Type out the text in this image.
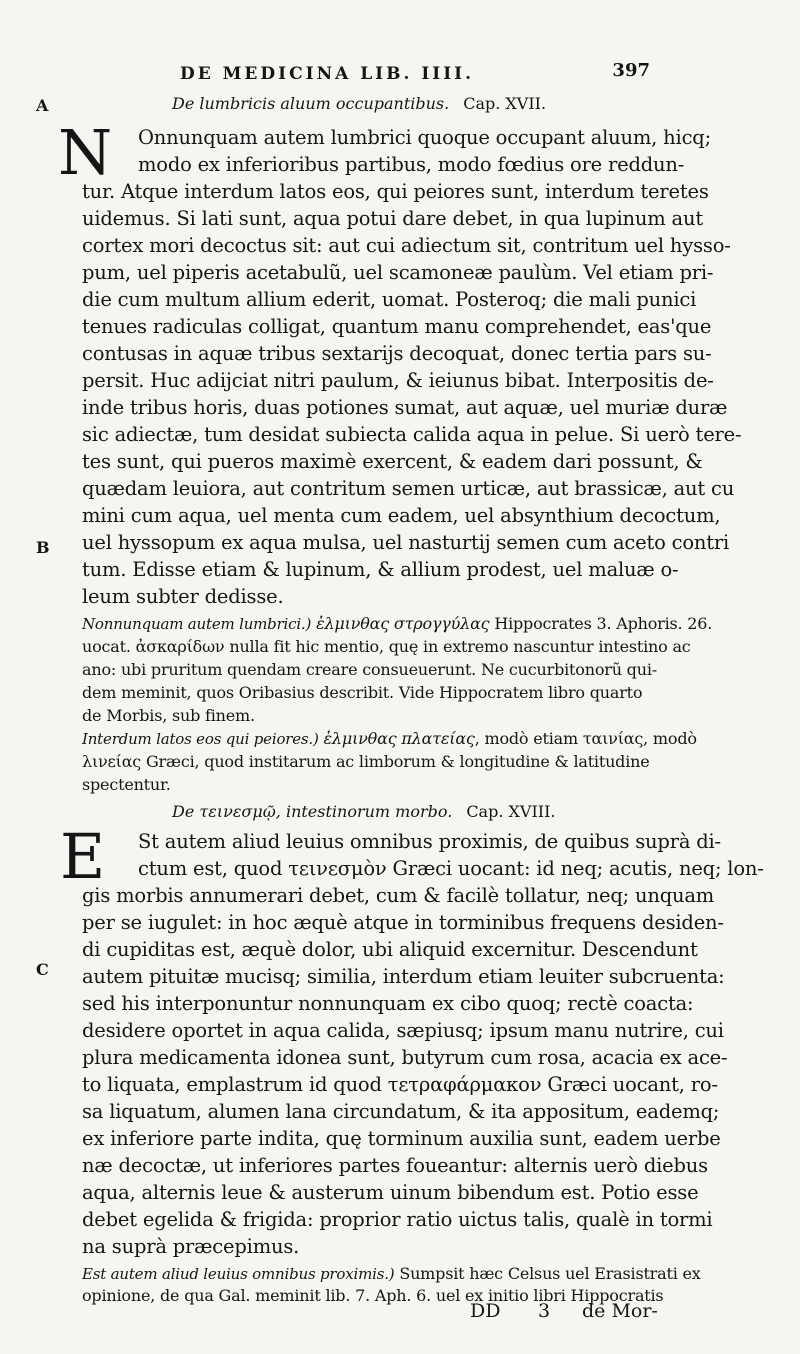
DE MEDICINA LIB. IIII.	397
A
B
C
De lumbricis aluum occupantibus. Cap. XVII.
N	Onnunquam autem lumbrici quoque occupant aluum, hicq;
modo ex inferioribus partibus, modo fœdius ore reddun-
tur. Atque interdum latos eos, qui peiores sunt, interdum teretes
uidemus. Si lati sunt, aqua potui dare debet, in qua lupinum aut
cortex mori decoctus sit: aut cui adiectum sit, contritum uel hysso-
pum, uel piperis acetabulũ, uel scamoneæ paulùm. Vel etiam pri-
die cum multum allium ederit, uomat. Posteroq; die mali punici
tenues radiculas colligat, quantum manu comprehendet, eas'que
contusas in aquæ tribus sextarijs decoquat, donec tertia pars su-
persit. Huc adijciat nitri paulum, & ieiunus bibat. Interpositis de-
inde tribus horis, duas potiones sumat, aut aquæ, uel muriæ duræ
sic adiectæ, tum desidat subiecta calida aqua in pelue. Si uerò tere-
tes sunt, qui pueros maximè exercent, & eadem dari possunt, &
quædam leuiora, aut contritum semen urticæ, aut brassicæ, aut cu
mini cum aqua, uel menta cum eadem, uel absynthium decoctum,
uel hyssopum ex aqua mulsa, uel nasturtij semen cum aceto contri
tum. Edisse etiam & lupinum, & allium prodest, uel maluæ o-
leum subter dedisse.
Nonnunquam autem lumbrici.) ἑλμινθας στρογγύλας Hippocrates 3. Aphoris. 26.
uocat. ἀσκαρίδων nulla fit hic mentio, quę in extremo nascuntur intestino ac
ano: ubi pruritum quendam creare consueuerunt. Ne cucurbitonorũ qui-
dem meminit, quos Oribasius describit. Vide Hippocratem libro quarto
de Morbis, sub finem.
Interdum latos eos qui peiores.) ἑλμινθας πλατείας, modò etiam ταινίας, modò
λινείας Græci, quod institarum ac limborum & longitudine & latitudine
spectentur.
De τεινεσμῷ, intestinorum morbo. Cap. XVIII.
E	St autem aliud leuius omnibus proximis, de quibus suprà di-
ctum est, quod τεινεσμὸν Græci uocant: id neq; acutis, neq; lon-
gis morbis annumerari debet, cum & facilè tollatur, neq; unquam
per se iugulet: in hoc æquè atque in torminibus frequens desiden-
di cupiditas est, æquè dolor, ubi aliquid excernitur. Descendunt
autem pituitæ mucisq; similia, interdum etiam leuiter subcruenta:
sed his interponuntur nonnunquam ex cibo quoq; rectè coacta:
desidere oportet in aqua calida, sæpiusq; ipsum manu nutrire, cui
plura medicamenta idonea sunt, butyrum cum rosa, acacia ex ace-
to liquata, emplastrum id quod τετραφάρμακον Græci uocant, ro-
sa liquatum, alumen lana circundatum, & ita appositum, eademq;
ex inferiore parte indita, quę torminum auxilia sunt, eadem uerbe
næ decoctæ, ut inferiores partes foueantur: alternis uerò diebus
aqua, alternis leue & austerum uinum bibendum est. Potio esse
debet egelida & frigida: proprior ratio uictus talis, qualè in tormi
na suprà præcepimus.
Est autem aliud leuius omnibus proximis.) Sumpsit hæc Celsus uel Erasistrati ex
opinione, de qua Gal. meminit lib. 7. Aph. 6. uel ex initio libri Hippocratis
DD 3 de Mor-
